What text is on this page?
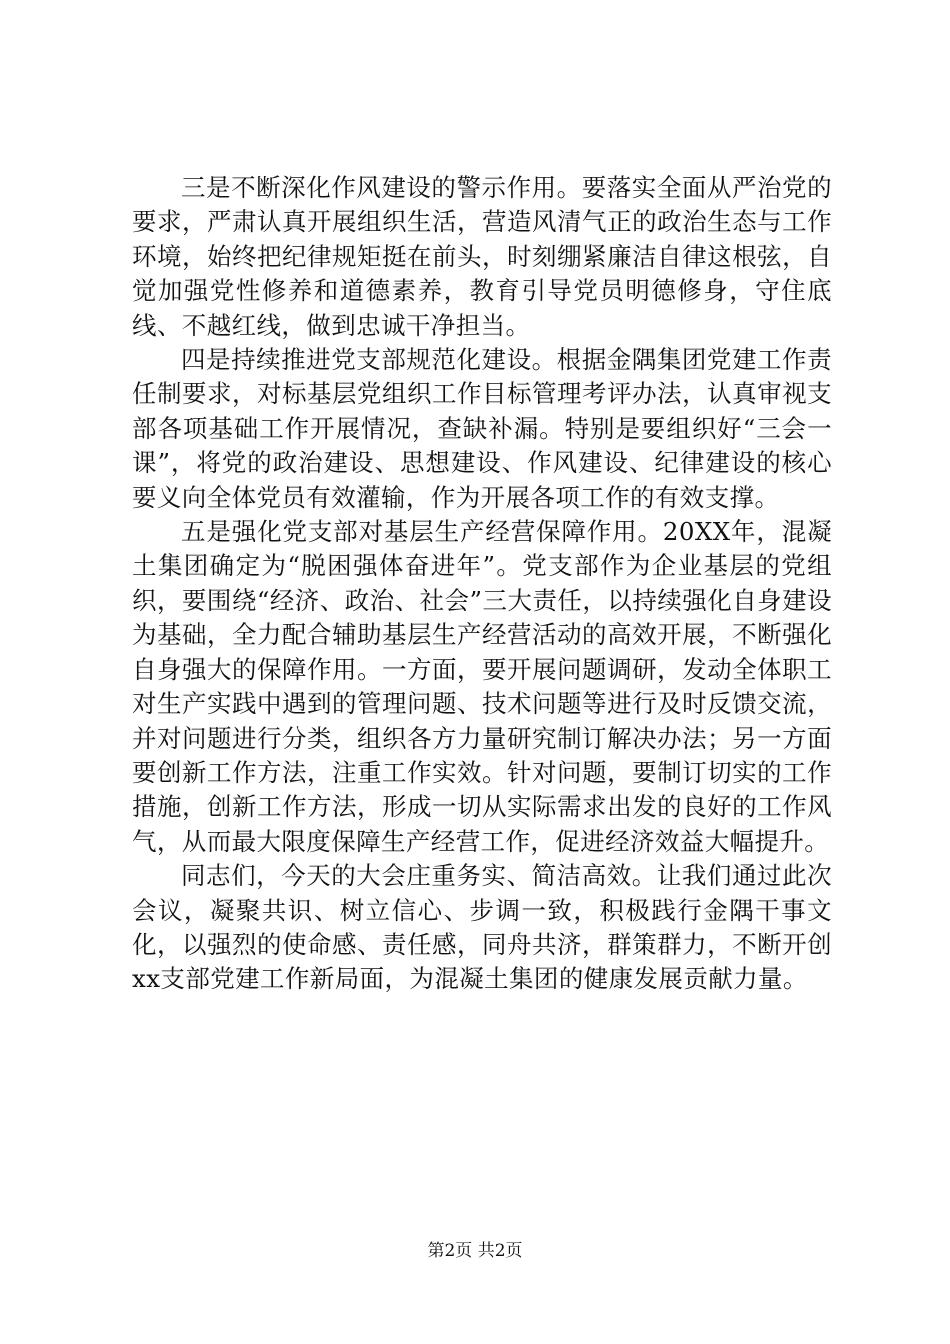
三是不断深化作风建设的警示作用。要落实全面从严治党的要求，严肃认真开展组织生活，营造风清气正的政治生态与工作环境，始终把纪律规矩挺在前头，时刻绷紧廉洁自律这根弦，自觉加强党性修养和道德素养，教育引导党员明德修身，守住底线、不越红线，做到忠诚干净担当。

四是持续推进党支部规范化建设。根据金隅集团党建工作责任制要求，对标基层党组织工作目标管理考评办法，认真审视支部各项基础工作开展情况，查缺补漏。特别是要组织好“三会一课”，将党的政治建设、思想建设、作风建设、纪律建设的核心要义向全体党员有效灌输，作为开展各项工作的有效支撑。

五是强化党支部对基层生产经营保障作用。20XX年，混凝土集团确定为“脱困强体奋进年”。党支部作为企业基层的党组织，要围绕“经济、政治、社会”三大责任，以持续强化自身建设为基础，全力配合辅助基层生产经营活动的高效开展，不断强化自身强大的保障作用。一方面，要开展问题调研，发动全体职工对生产实践中遇到的管理问题、技术问题等进行及时反馈交流，并对问题进行分类，组织各方力量研究制订解决办法；另一方面要创新工作方法，注重工作实效。针对问题，要制订切实的工作措施，创新工作方法，形成一切从实际需求出发的良好的工作风气，从而最大限度保障生产经营工作，促进经济效益大幅提升。

同志们，今天的大会庄重务实、简洁高效。让我们通过此次会议，凝聚共识、树立信心、步调一致，积极践行金隅干事文化，以强烈的使命感、责任感，同舟共济，群策群力，不断开创xx支部党建工作新局面，为混凝土集团的健康发展贡献力量。

第2页 共2页
